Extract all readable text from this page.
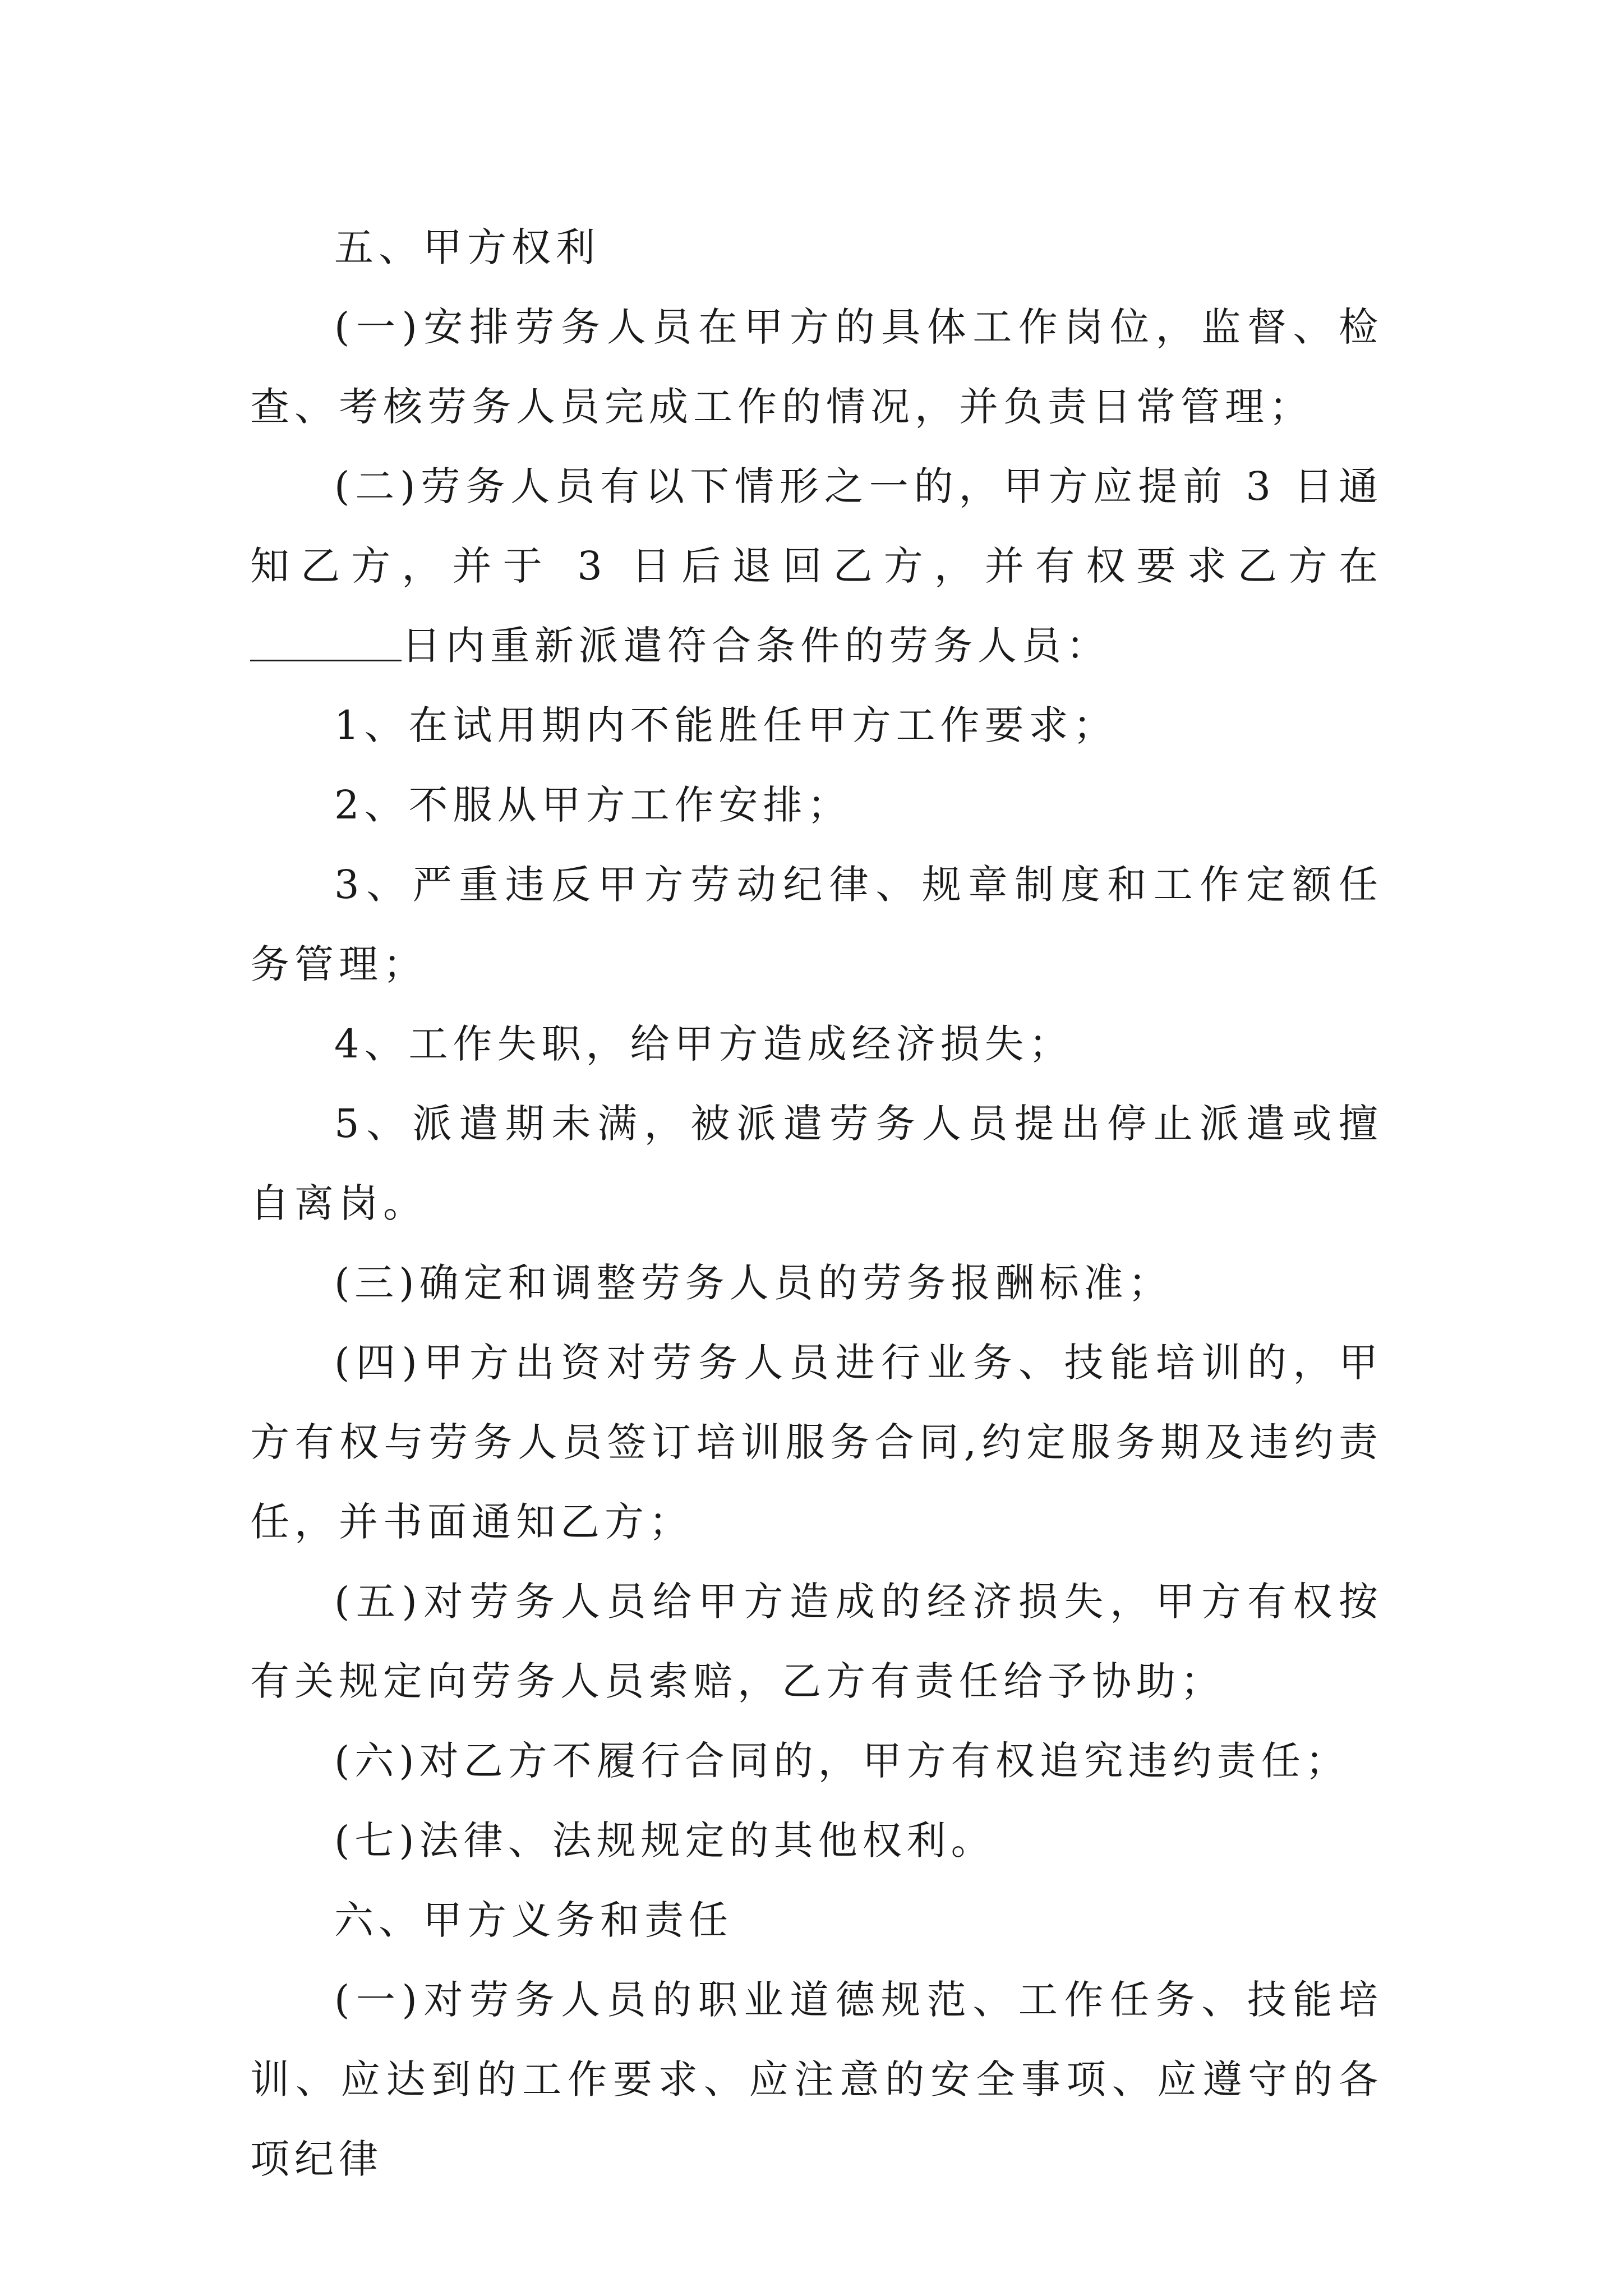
五、甲方权利

(一)安排劳务人员在甲方的具体工作岗位，监督、检查、考核劳务人员完成工作的情况，并负责日常管理；

(二)劳务人员有以下情形之一的，甲方应提前 3 日通知乙方，并于 3 日后退回乙方，并有权要求乙方在日内重新派遣符合条件的劳务人员：

1、在试用期内不能胜任甲方工作要求；

2、不服从甲方工作安排；

3、严重违反甲方劳动纪律、规章制度和工作定额任务管理；

4、工作失职，给甲方造成经济损失；

5、派遣期未满，被派遣劳务人员提出停止派遣或擅自离岗。

(三)确定和调整劳务人员的劳务报酬标准；

(四)甲方出资对劳务人员进行业务、技能培训的，甲方有权与劳务人员签订培训服务合同,约定服务期及违约责任，并书面通知乙方；

(五)对劳务人员给甲方造成的经济损失，甲方有权按有关规定向劳务人员索赔，乙方有责任给予协助；

(六)对乙方不履行合同的，甲方有权追究违约责任；

(七)法律、法规规定的其他权利。

六、甲方义务和责任

(一)对劳务人员的职业道德规范、工作任务、技能培训、应达到的工作要求、应注意的安全事项、应遵守的各项纪律
